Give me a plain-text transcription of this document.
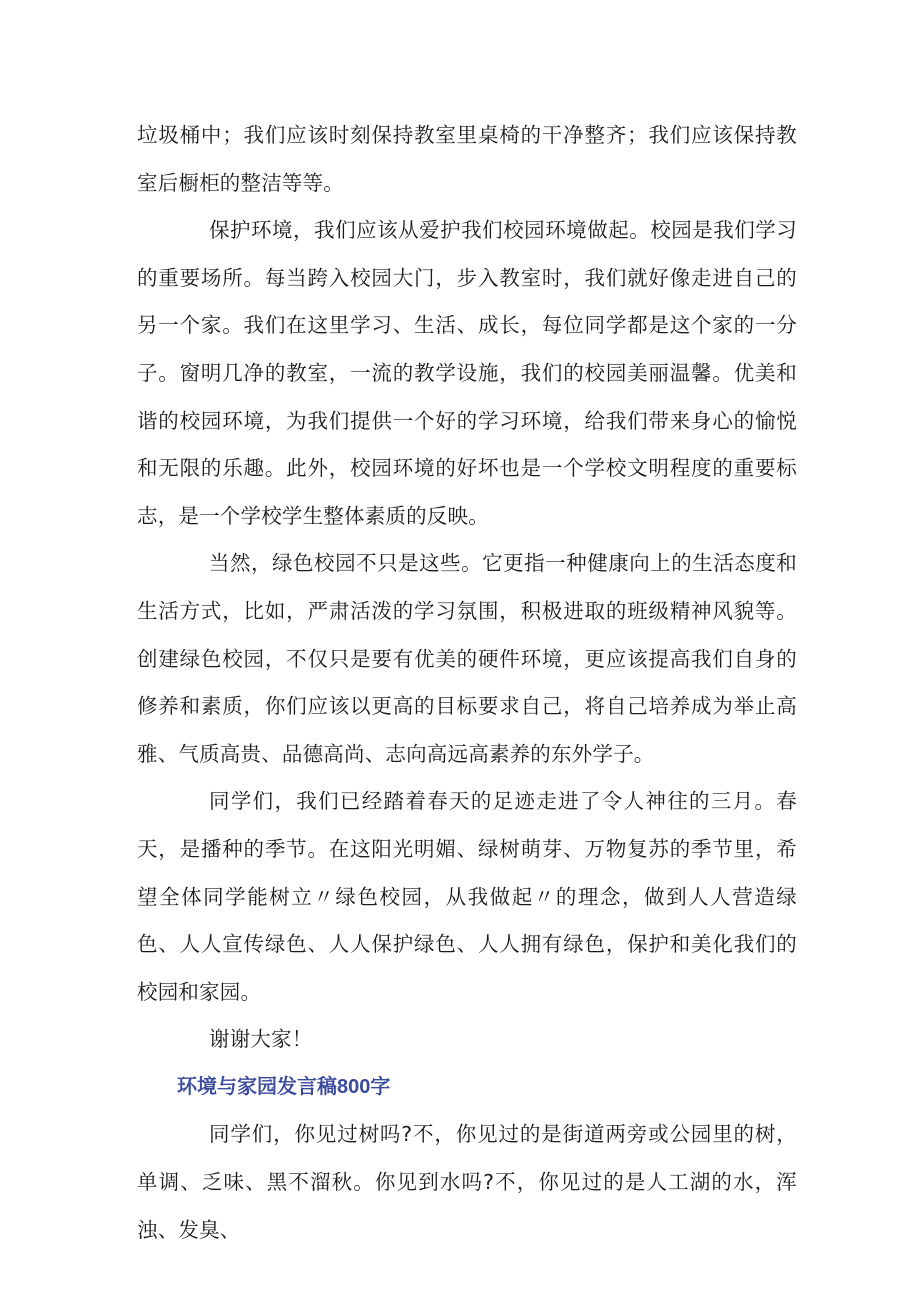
垃圾桶中；我们应该时刻保持教室里桌椅的干净整齐；我们应该保持教室后橱柜的整洁等等。

保护环境，我们应该从爱护我们校园环境做起。校园是我们学习的重要场所。每当跨入校园大门，步入教室时，我们就好像走进自己的另一个家。我们在这里学习、生活、成长，每位同学都是这个家的一分子。窗明几净的教室，一流的教学设施，我们的校园美丽温馨。优美和谐的校园环境，为我们提供一个好的学习环境，给我们带来身心的愉悦和无限的乐趣。此外，校园环境的好坏也是一个学校文明程度的重要标志，是一个学校学生整体素质的反映。

当然，绿色校园不只是这些。它更指一种健康向上的生活态度和生活方式，比如，严肃活泼的学习氛围，积极进取的班级精神风貌等。创建绿色校园，不仅只是要有优美的硬件环境，更应该提高我们自身的修养和素质，你们应该以更高的目标要求自己，将自己培养成为举止高雅、气质高贵、品德高尚、志向高远高素养的东外学子。

同学们，我们已经踏着春天的足迹走进了令人神往的三月。春天，是播种的季节。在这阳光明媚、绿树萌芽、万物复苏的季节里，希望全体同学能树立〃绿色校园，从我做起〃的理念，做到人人营造绿色、人人宣传绿色、人人保护绿色、人人拥有绿色，保护和美化我们的校园和家园。

谢谢大家！

环境与家园发言稿800字

同学们，你见过树吗?不，你见过的是街道两旁或公园里的树，单调、乏味、黑不溜秋。你见到水吗?不，你见过的是人工湖的水，浑浊、发臭、
